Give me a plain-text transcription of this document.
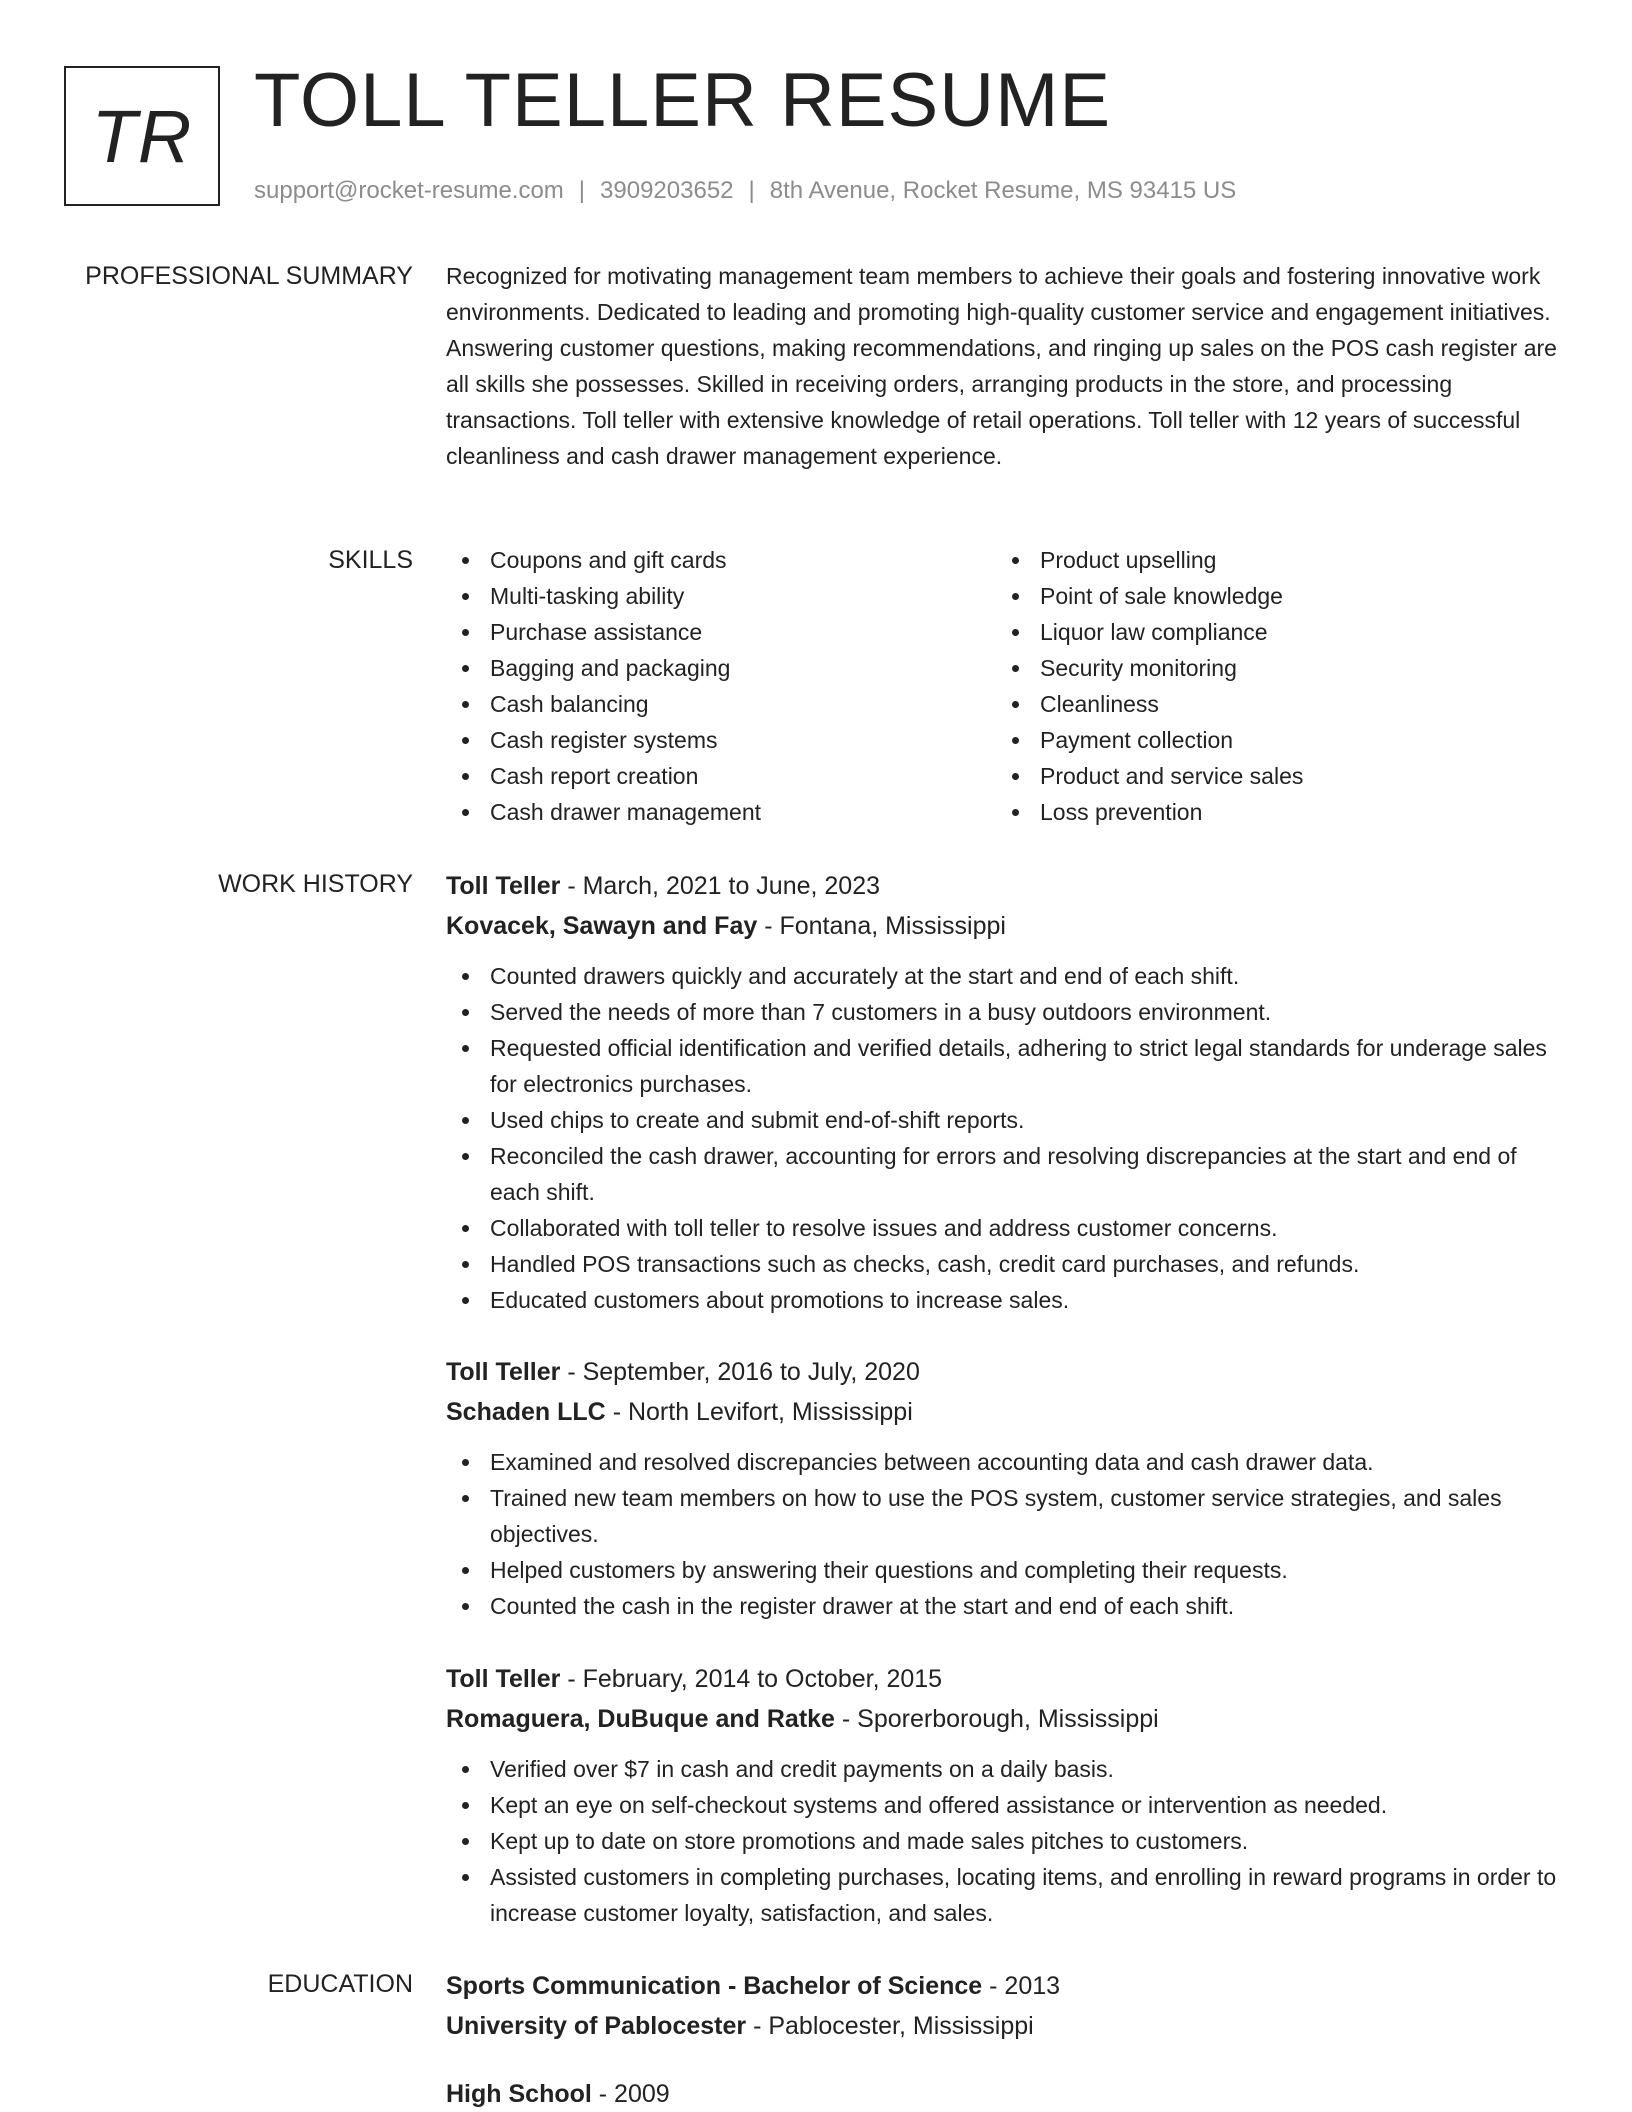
TR TOLL TELLER RESUME
support@rocket-resume.com | 3909203652 | 8th Avenue, Rocket Resume, MS 93415 US
PROFESSIONAL SUMMARY Recognized for motivating management team members to achieve their goals and fostering innovative work environments. Dedicated to leading and promoting high-quality customer service and engagement initiatives. Answering customer questions, making recommendations, and ringing up sales on the POS cash register are all skills she possesses. Skilled in receiving orders, arranging products in the store, and processing transactions. Toll teller with extensive knowledge of retail operations. Toll teller with 12 years of successful cleanliness and cash drawer management experience.

SKILLS	Coupons and gift cards
Multi-tasking ability
Purchase assistance
Bagging and packaging
Cash balancing
Cash register systems
Cash report creation
Cash drawer management
Product upselling
Point of sale knowledge
Liquor law compliance
Security monitoring
Cleanliness
Payment collection
Product and service sales
Loss prevention
WORK HISTORY Toll Teller - March, 2021 to June, 2023
Kovacek, Sawayn and Fay - Fontana, Mississippi
Counted drawers quickly and accurately at the start and end of each shift.
Served the needs of more than 7 customers in a busy outdoors environment.
Requested official identification and verified details, adhering to strict legal standards for underage sales for electronics purchases.
Used chips to create and submit end-of-shift reports.
Reconciled the cash drawer, accounting for errors and resolving discrepancies at the start and end of each shift.
Collaborated with toll teller to resolve issues and address customer concerns.
Handled POS transactions such as checks, cash, credit card purchases, and refunds.
Educated customers about promotions to increase sales.
Toll Teller - September, 2016 to July, 2020
Schaden LLC - North Levifort, Mississippi
Examined and resolved discrepancies between accounting data and cash drawer data.
Trained new team members on how to use the POS system, customer service strategies, and sales objectives.
Helped customers by answering their questions and completing their requests.
Counted the cash in the register drawer at the start and end of each shift.
Toll Teller - February, 2014 to October, 2015
Romaguera, DuBuque and Ratke - Sporerborough, Mississippi
Verified over $7 in cash and credit payments on a daily basis.
Kept an eye on self-checkout systems and offered assistance or intervention as needed.
Kept up to date on store promotions and made sales pitches to customers.
Assisted customers in completing purchases, locating items, and enrolling in reward programs in order to increase customer loyalty, satisfaction, and sales.
EDUCATION Sports Communication - Bachelor of Science - 2013
University of Pablocester - Pablocester, Mississippi
High School - 2009
